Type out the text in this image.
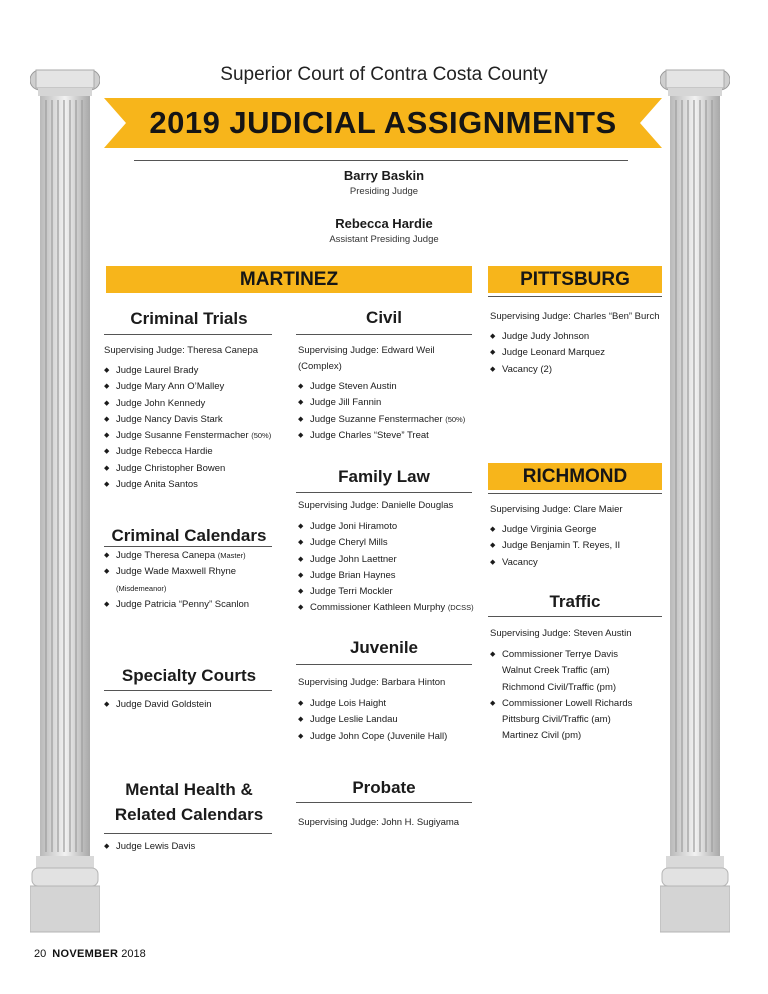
Superior Court of Contra Costa County
2019 JUDICIAL ASSIGNMENTS
Barry Baskin
Presiding Judge
Rebecca Hardie
Assistant Presiding Judge
MARTINEZ	PITTSBURG
RICHMOND
Criminal Trials
Supervising Judge: Theresa Canepa
◆ Judge Laurel Brady
◆ Judge Mary Ann O’Malley
◆ Judge John Kennedy
◆ Judge Nancy Davis Stark
◆ Judge Susanne Fenstermacher (50%)
◆ Judge Rebecca Hardie
◆ Judge Christopher Bowen
◆ Judge Anita Santos
Criminal Calendars
◆ Judge Theresa Canepa (Master)
◆ Judge Wade Maxwell Rhyne
(Misdemeanor)
◆ Judge Patricia “Penny” Scanlon
Specialty Courts
◆ Judge David Goldstein
Mental Health &
Related Calendars
◆ Judge Lewis Davis
Civil
Supervising Judge: Edward Weil
(Complex)
◆ Judge Steven Austin
◆ Judge Jill Fannin
◆ Judge Suzanne Fenstermacher (50%)
◆ Judge Charles “Steve” Treat
Family Law
Supervising Judge: Danielle Douglas
◆ Judge Joni Hiramoto
◆ Judge Cheryl Mills
◆ Judge John Laettner
◆ Judge Brian Haynes
◆ Judge Terri Mockler
◆ Commissioner Kathleen Murphy (DCSS)
Juvenile
Supervising Judge: Barbara Hinton
◆ Judge Lois Haight
◆ Judge Leslie Landau
◆ Judge John Cope (Juvenile Hall)
Probate
Supervising Judge: John H. Sugiyama
Supervising Judge: Charles “Ben” Burch
◆ Judge Judy Johnson
◆ Judge Leonard Marquez
◆ Vacancy (2)
Supervising Judge: Clare Maier
◆ Judge Virginia George
◆ Judge Benjamin T. Reyes, II
◆ Vacancy
Traffic
Supervising Judge: Steven Austin
◆ Commissioner Terrye Davis
Walnut Creek Traffic (am)
Richmond Civil/Traffic (pm)
◆ Commissioner Lowell Richards
Pittsburg Civil/Traffic (am)
Martinez Civil (pm)
20 NOVEMBER 2018
